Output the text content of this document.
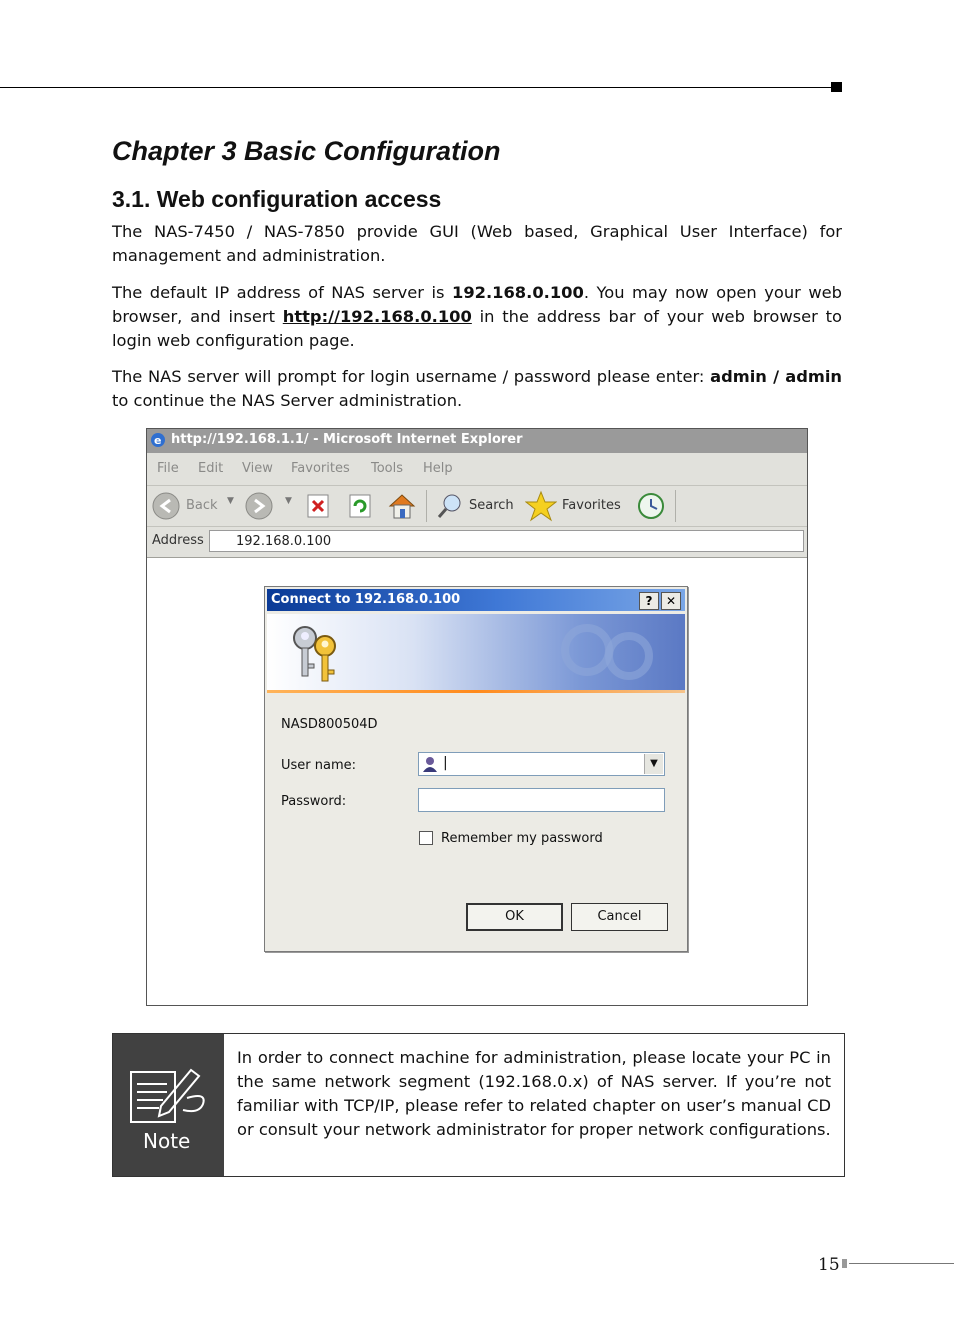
Chapter 3 Basic Configuration
3.1. Web configuration access
The NAS-7450 / NAS-7850 provide GUI (Web based, Graphical User Interface) for management and administration.
The default IP address of NAS server is 192.168.0.100. You may now open your web browser, and insert http://192.168.0.100 in the address bar of your web browser to login web configuration page.
The NAS server will prompt for login username / password please enter: admin / admin to continue the NAS Server administration.
e http://192.168.1.1/ - Microsoft Internet Explorer
File Edit View Favorites Tools Help
Back ▼	▼	Search	Favorites
Address	192.168.0.100
Connect to 192.168.0.100	?	✕
NASD800504D
User name:	|	▼
Password:
Remember my password
OK	Cancel
Note
In order to connect machine for administration, please locate your PC in the same network segment (192.168.0.x) of NAS server. If you’re not familiar with TCP/IP, please refer to related chapter on user’s manual CD or consult your network administrator for proper network configurations.
15
